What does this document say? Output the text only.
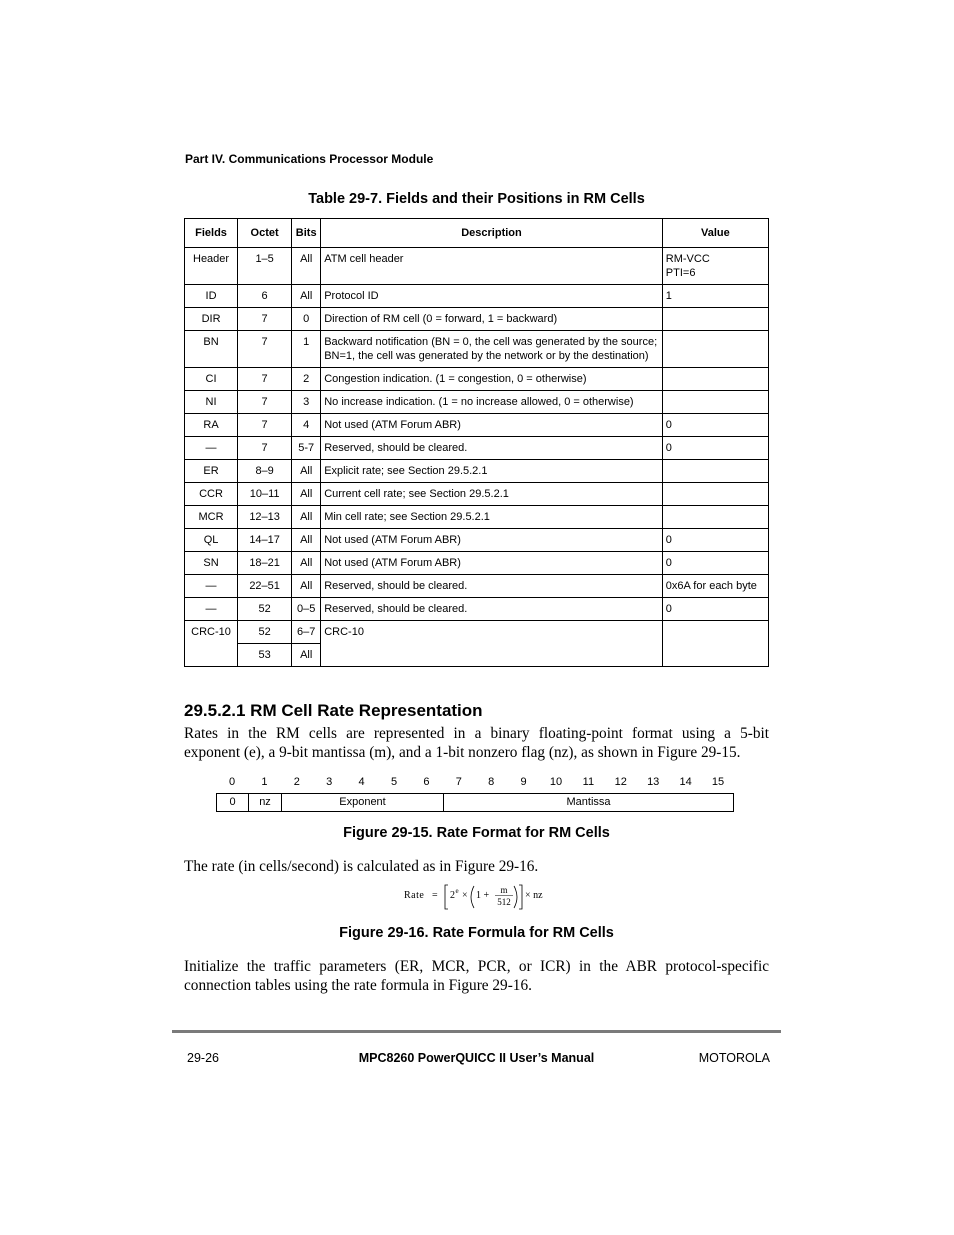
Part IV. Communications Processor Module
Table 29-7. Fields and their Positions in RM Cells
Fields	Octet	Bits	Description	Value
Header	1–5	All	ATM cell header	RM-VCC
PTI=6
ID	6	All	Protocol ID	1
DIR	7	0	Direction of RM cell (0 = forward, 1 = backward)	
BN	7	1	Backward notification (BN = 0, the cell was generated by the source; BN=1, the cell was generated by the network or by the destination)	
CI	7	2	Congestion indication. (1 = congestion, 0 = otherwise)	
NI	7	3	No increase indication. (1 = no increase allowed, 0 = otherwise)	
RA	7	4	Not used (ATM Forum ABR)	0
—	7	5-7	Reserved, should be cleared.	0
ER	8–9	All	Explicit rate; see Section 29.5.2.1	
CCR	10–11	All	Current cell rate; see Section 29.5.2.1	
MCR	12–13	All	Min cell rate; see Section 29.5.2.1	
QL	14–17	All	Not used (ATM Forum ABR)	0
SN	18–21	All	Not used (ATM Forum ABR)	0
—	22–51	All	Reserved, should be cleared.	0x6A for each byte
—	52	0–5	Reserved, should be cleared.	0
CRC-10	52	6–7	CRC-10	
	53	All		
29.5.2.1 RM Cell Rate Representation
Rates in the RM cells are represented in a binary floating-point format using a 5-bit
exponent (e), a 9-bit mantissa (m), and a 1-bit nonzero flag (nz), as shown in Figure 29-15.
0	1	2	3	4	5	6	7	8	9	10	11	12	13	14	15
0	nz	Exponent	Mantissa
Figure 29-15. Rate Format for RM Cells
The rate (in cells/second) is calculated as in Figure 29-16.
Rate = 2 e × 1 + m
512
× nz
Figure 29-16. Rate Formula for RM Cells
Initialize the traffic parameters (ER, MCR, PCR, or ICR) in the ABR protocol-specific connection tables using the rate formula in Figure 29-16.
29-26	MPC8260 PowerQUICC II User’s Manual	MOTOROLA
